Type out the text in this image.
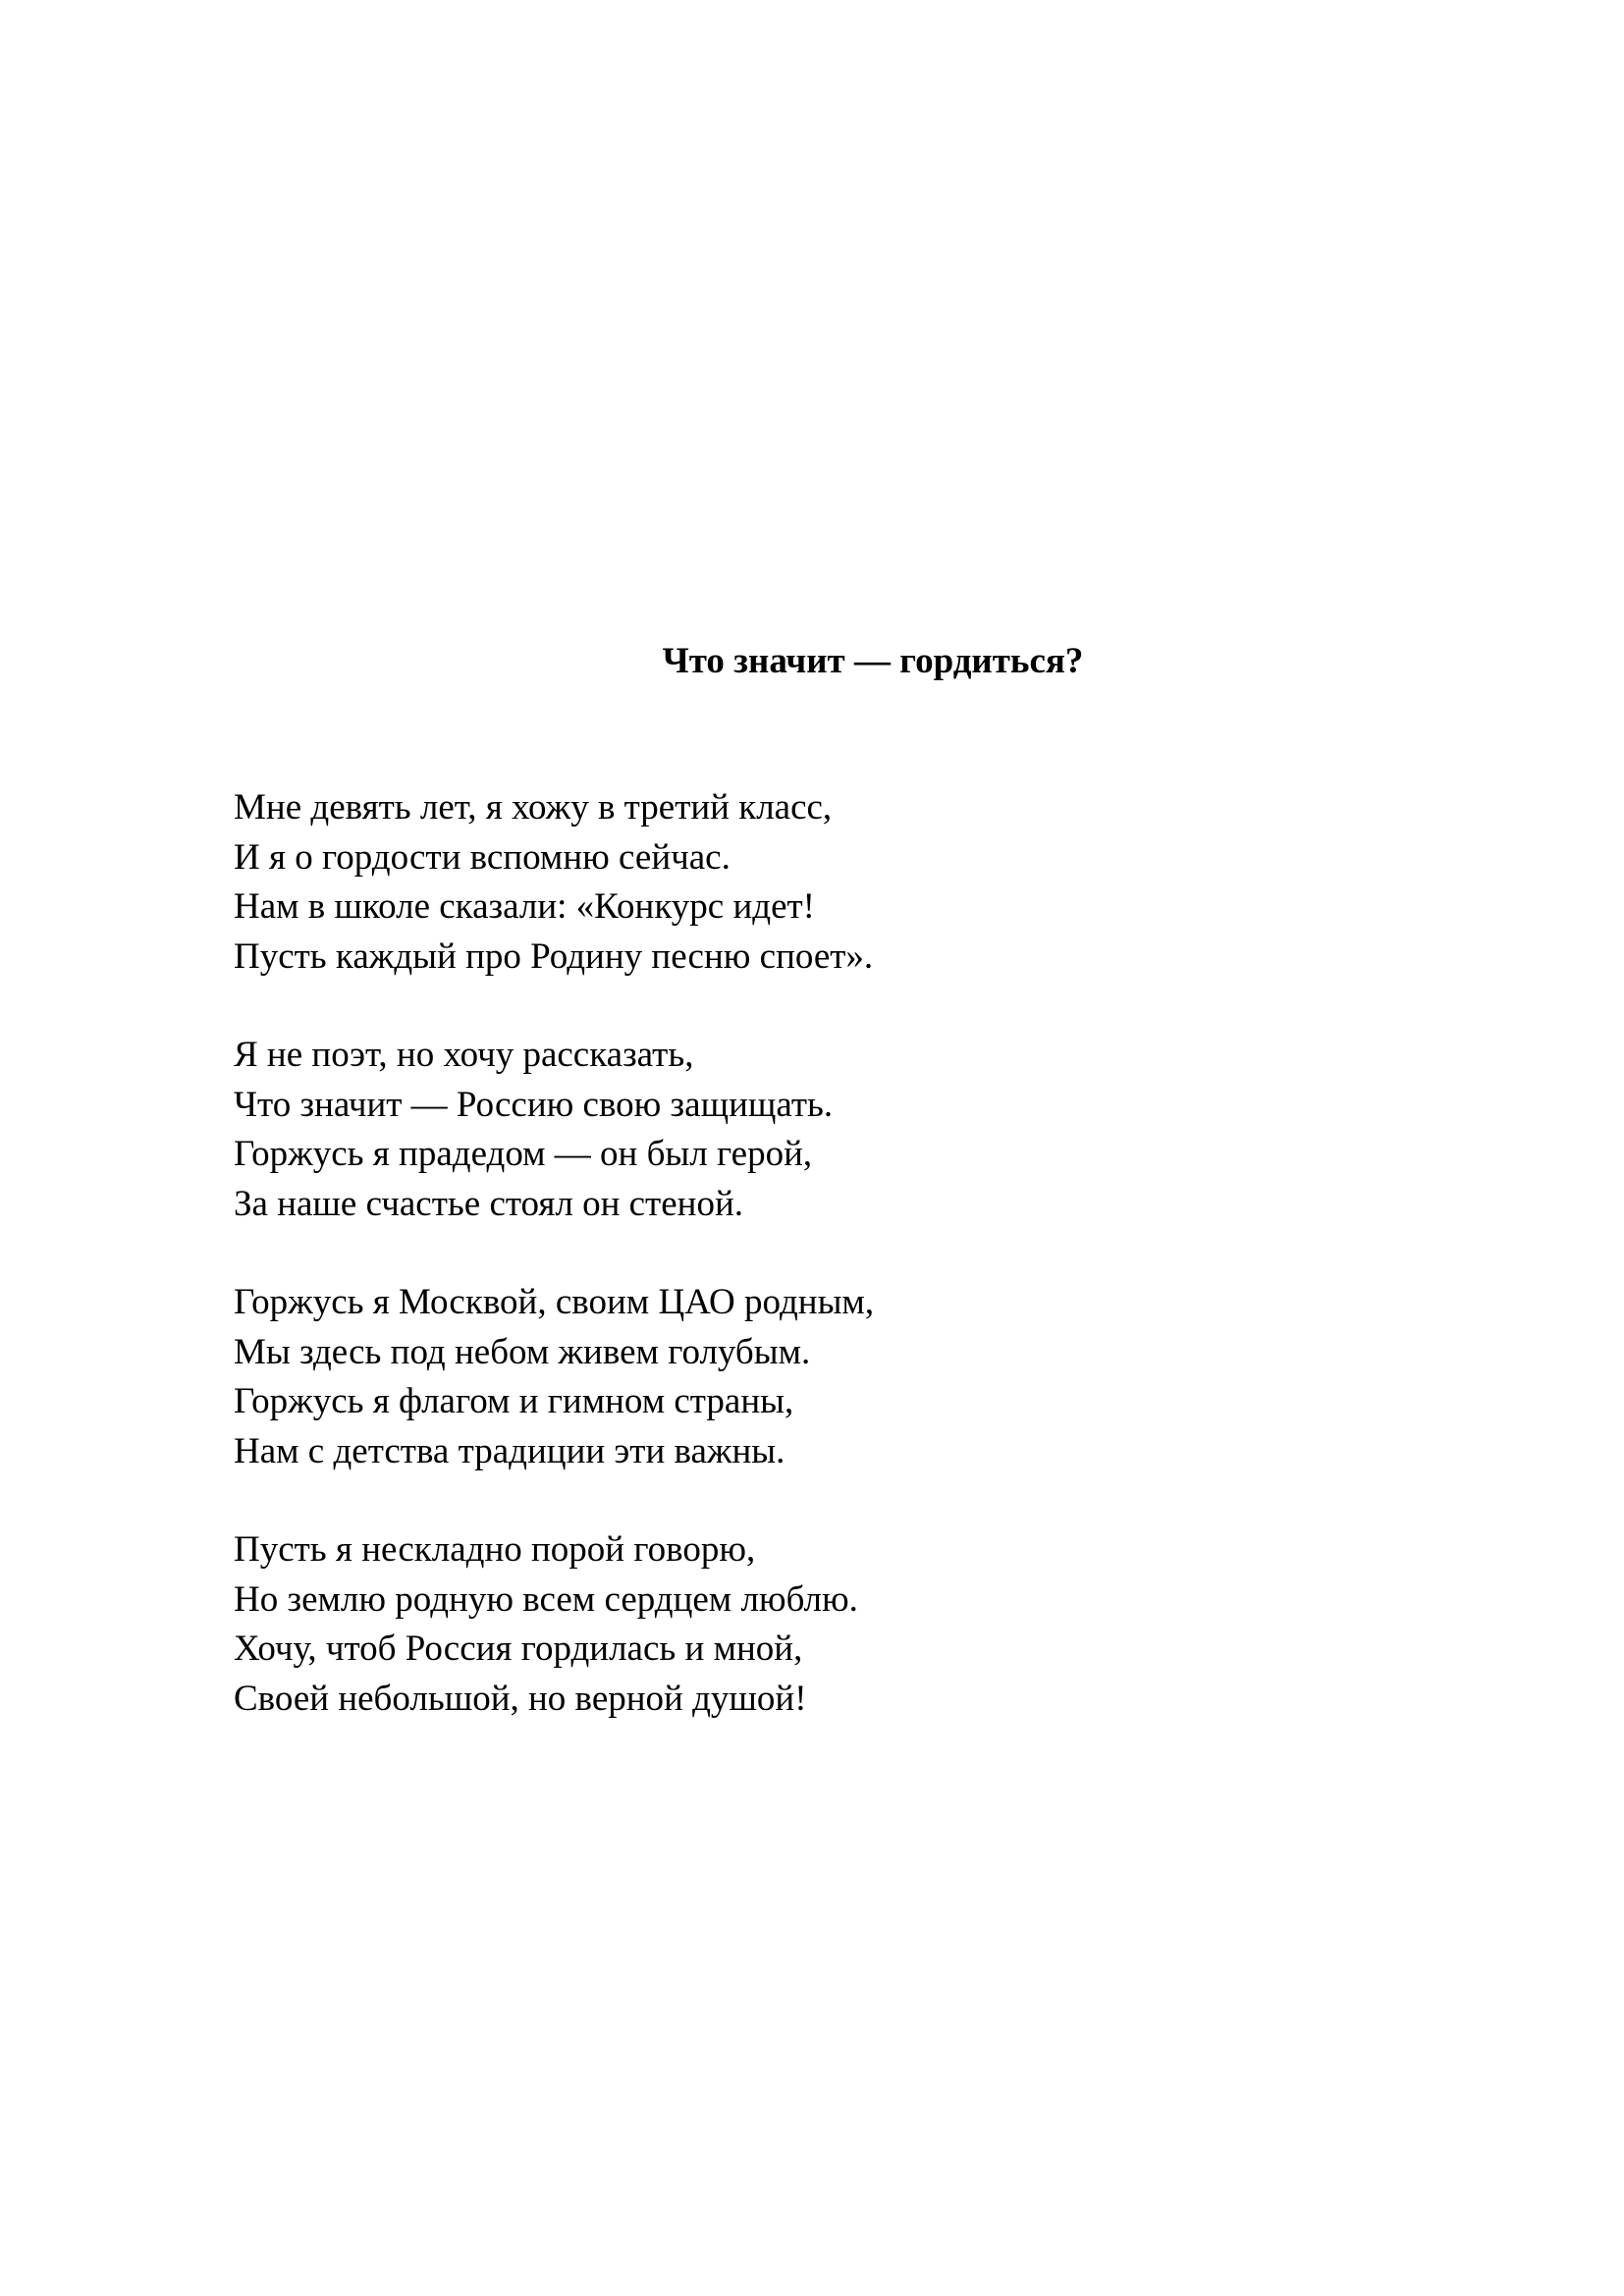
Что значит — гордиться?
Мне девять лет, я хожу в третий класс,
И я о гордости вспомню сейчас.
Нам в школе сказали: «Конкурс идет!
Пусть каждый про Родину песню споет».
Я не поэт, но хочу рассказать,
Что значит — Россию свою защищать.
Горжусь я прадедом — он был герой,
За наше счастье стоял он стеной.
Горжусь я Москвой, своим ЦАО родным,
Мы здесь под небом живем голубым.
Горжусь я флагом и гимном страны,
Нам с детства традиции эти важны.
Пусть я нескладно порой говорю,
Но землю родную всем сердцем люблю.
Хочу, чтоб Россия гордилась и мной,
Своей небольшой, но верной душой!
